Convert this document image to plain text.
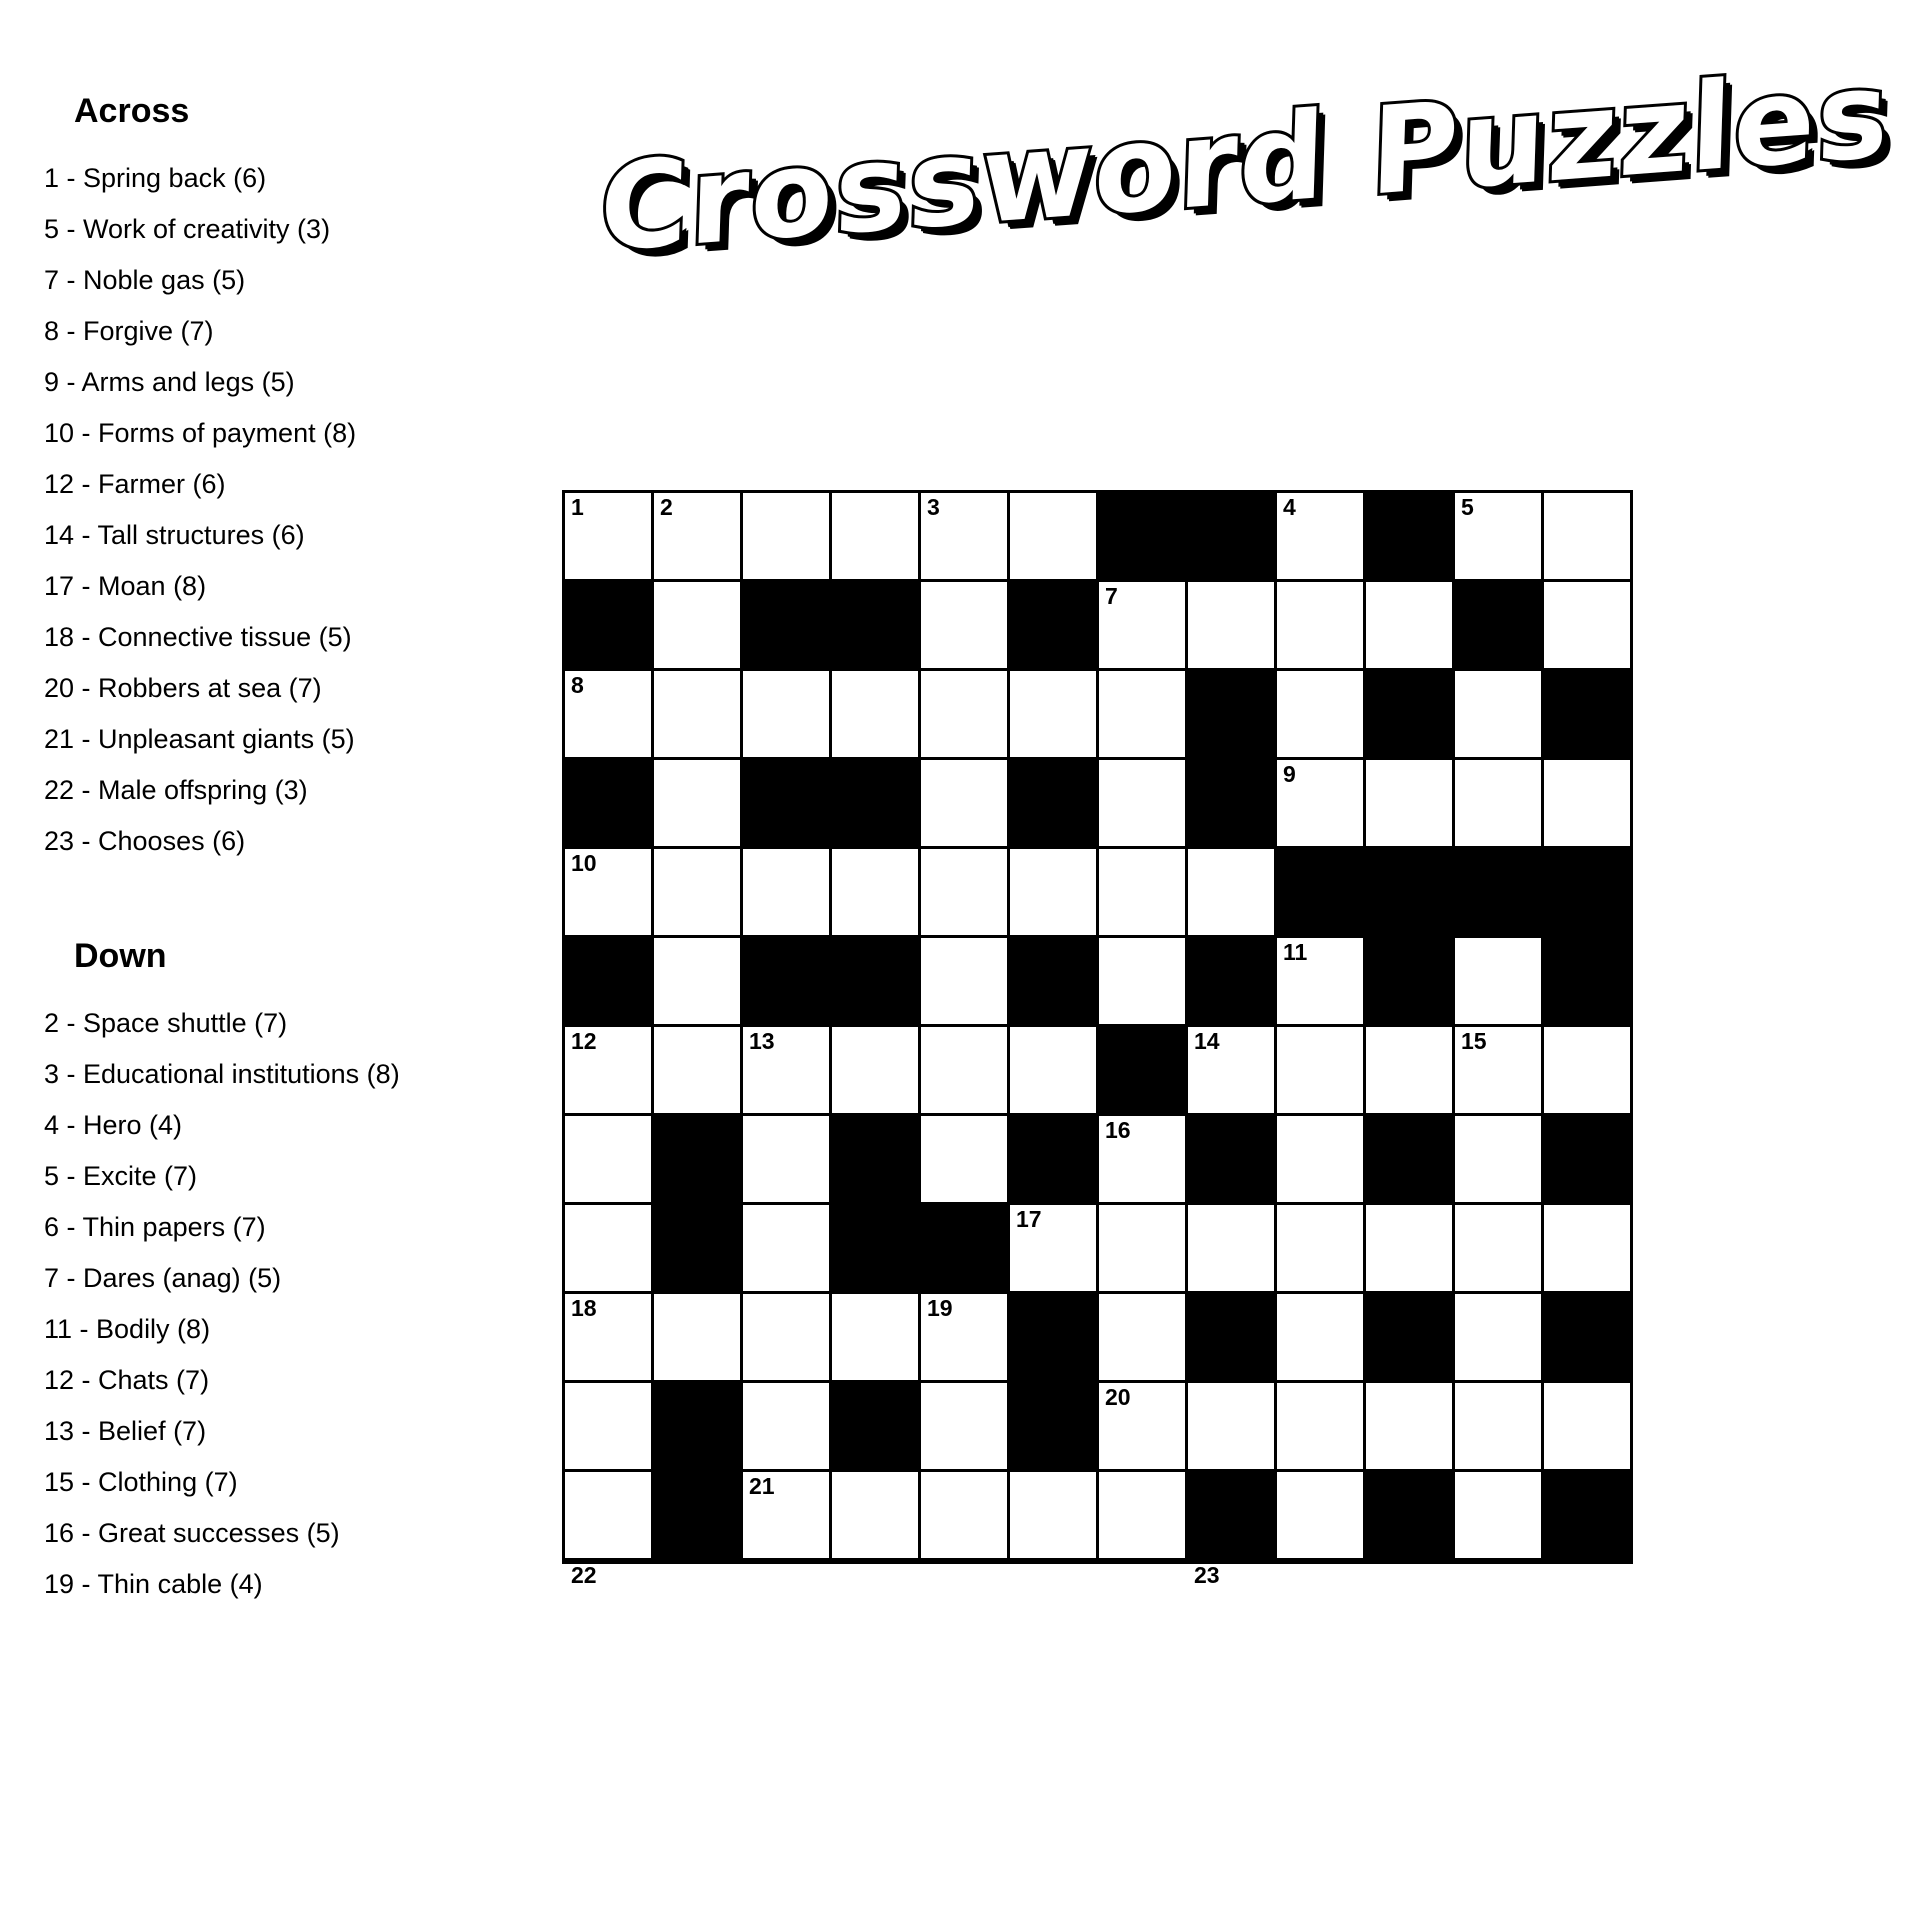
Across
1 - Spring back (6)
5 - Work of creativity (3)
7 - Noble gas (5)
8 - Forgive (7)
9 - Arms and legs (5)
10 - Forms of payment (8)
12 - Farmer (6)
14 - Tall structures (6)
17 - Moan (8)
18 - Connective tissue (5)
20 - Robbers at sea (7)
21 - Unpleasant giants (5)
22 - Male offspring (3)
23 - Chooses (6)
Down
2 - Space shuttle (7)
3 - Educational institutions (8)
4 - Hero (4)
5 - Excite (7)
6 - Thin papers (7)
7 - Dares (anag) (5)
11 - Bodily (8)
12 - Chats (7)
13 - Belief (7)
15 - Clothing (7)
16 - Great successes (5)
19 - Thin cable (4)
Crossword Puzzles
1	2	3	4	5
7
8
9
10
11
12	13	14	15
16
17
18	19
20
21
22	23
